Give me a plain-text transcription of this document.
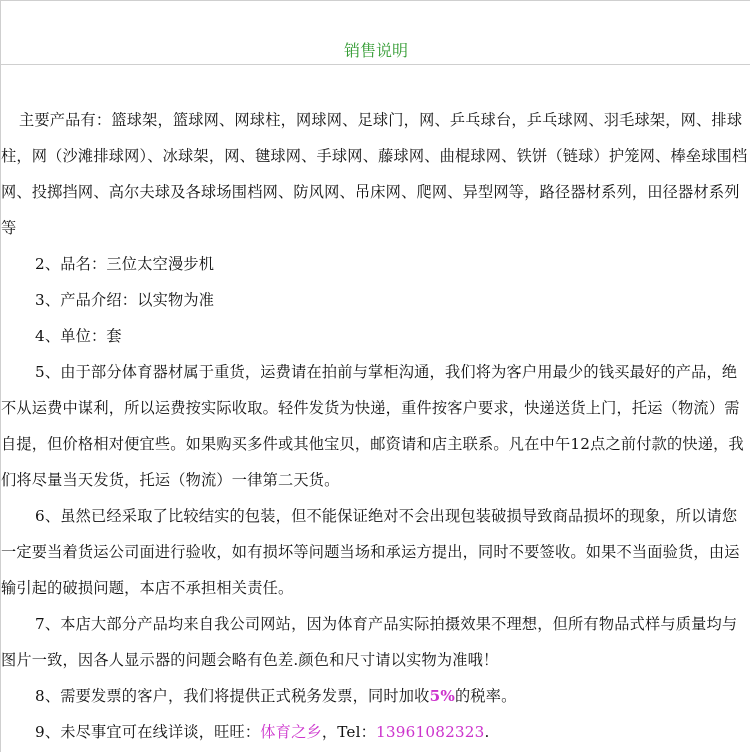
销售说明

主要产品有：篮球架，篮球网、网球柱，网球网、足球门，网、乒乓球台，乒乓球网、羽毛球架，网、排球柱，网（沙滩排球网）、冰球架，网、毽球网、手球网、藤球网、曲棍球网、铁饼（链球）护笼网、棒垒球围档网、投掷挡网、高尔夫球及各球场围档网、防风网、吊床网、爬网、异型网等，路径器材系列，田径器材系列等

2、品名：三位太空漫步机

3、产品介绍：以实物为准

4、单位：套

5、由于部分体育器材属于重货，运费请在拍前与掌柜沟通，我们将为客户用最少的钱买最好的产品，绝不从运费中谋利，所以运费按实际收取。轻件发货为快递，重件按客户要求，快递送货上门，托运（物流）需自提，但价格相对便宜些。如果购买多件或其他宝贝，邮资请和店主联系。凡在中午12点之前付款的快递，我们将尽量当天发货，托运（物流）一律第二天货。

6、虽然已经采取了比较结实的包装，但不能保证绝对不会出现包装破损导致商品损坏的现象，所以请您一定要当着货运公司面进行验收，如有损坏等问题当场和承运方提出，同时不要签收。如果不当面验货，由运输引起的破损问题，本店不承担相关责任。

7、本店大部分产品均来自我公司网站，因为体育产品实际拍摄效果不理想，但所有物品式样与质量均与图片一致，因各人显示器的问题会略有色差.颜色和尺寸请以实物为准哦！

8、需要发票的客户，我们将提供正式税务发票，同时加收5%的税率。

9、未尽事宜可在线详谈，旺旺：体育之乡，Tel：13961082323.
